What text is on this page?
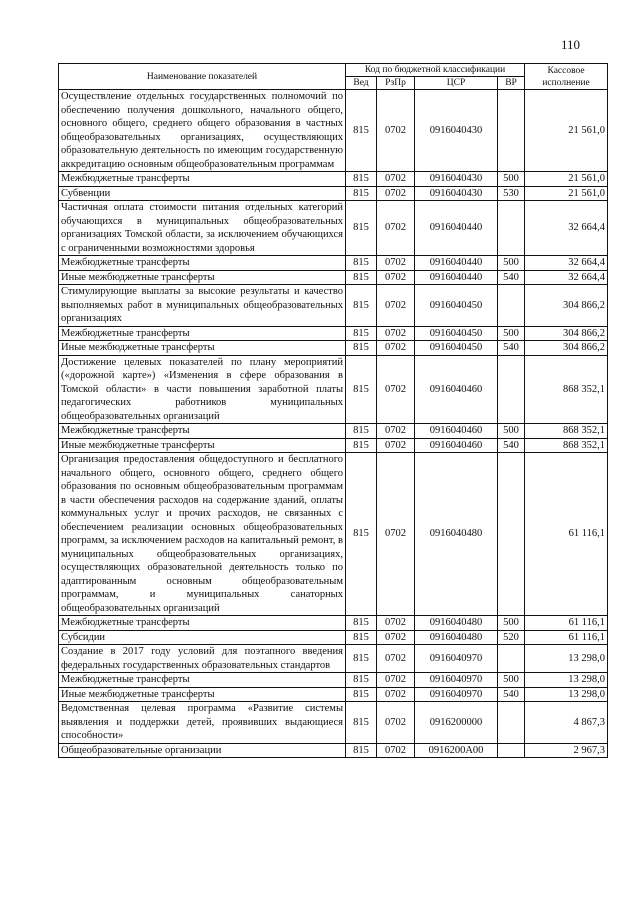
110
Наименование показателей	Код по бюджетной классификации				Кассовое исполнение
	Вед	РзПр	ЦСР	ВР	
Осуществление отдельных государственных полномочий по обеспечению получения дошкольного, начального общего, основного общего, среднего общего образования в частных общеобразовательных организациях, осуществляющих образовательную деятельность по имеющим государственную аккредитацию основным общеобразовательным программам	815	0702	0916040430		21 561,0
Межбюджетные трансферты	815	0702	0916040430	500	21 561,0
Субвенции	815	0702	0916040430	530	21 561,0
Частичная оплата стоимости питания отдельных категорий обучающихся в муниципальных общеобразовательных организациях Томской области, за исключением обучающихся с ограниченными возможностями здоровья	815	0702	0916040440		32 664,4
Межбюджетные трансферты	815	0702	0916040440	500	32 664,4
Иные межбюджетные трансферты	815	0702	0916040440	540	32 664,4
Стимулирующие выплаты за высокие результаты и качество выполняемых работ в муниципальных общеобразовательных организациях	815	0702	0916040450		304 866,2
Межбюджетные трансферты	815	0702	0916040450	500	304 866,2
Иные межбюджетные трансферты	815	0702	0916040450	540	304 866,2
Достижение целевых показателей по плану мероприятий («дорожной карте») «Изменения в сфере образования в Томской области» в части повышения заработной платы педагогических работников муниципальных общеобразовательных организаций	815	0702	0916040460		868 352,1
Межбюджетные трансферты	815	0702	0916040460	500	868 352,1
Иные межбюджетные трансферты	815	0702	0916040460	540	868 352,1
Организация предоставления общедоступного и бесплатного начального общего, основного общего, среднего общего образования по основным общеобразовательным программам в части обеспечения расходов на содержание зданий, оплаты коммунальных услуг и прочих расходов, не связанных с обеспечением реализации основных общеобразовательных программ, за исключением расходов на капитальный ремонт, в муниципальных общеобразовательных организациях, осуществляющих образовательной деятельность только по адаптированным основным общеобразовательным программам, и муниципальных санаторных общеобразовательных организаций	815	0702	0916040480		61 116,1
Межбюджетные трансферты	815	0702	0916040480	500	61 116,1
Субсидии	815	0702	0916040480	520	61 116,1
Создание в 2017 году условий для поэтапного введения федеральных государственных образовательных стандартов	815	0702	0916040970		13 298,0
Межбюджетные трансферты	815	0702	0916040970	500	13 298,0
Иные межбюджетные трансферты	815	0702	0916040970	540	13 298,0
Ведомственная целевая программа «Развитие системы выявления и поддержки детей, проявивших выдающиеся способности»	815	0702	0916200000		4 867,3
Общеобразовательные организации	815	0702	0916200А00		2 967,3
